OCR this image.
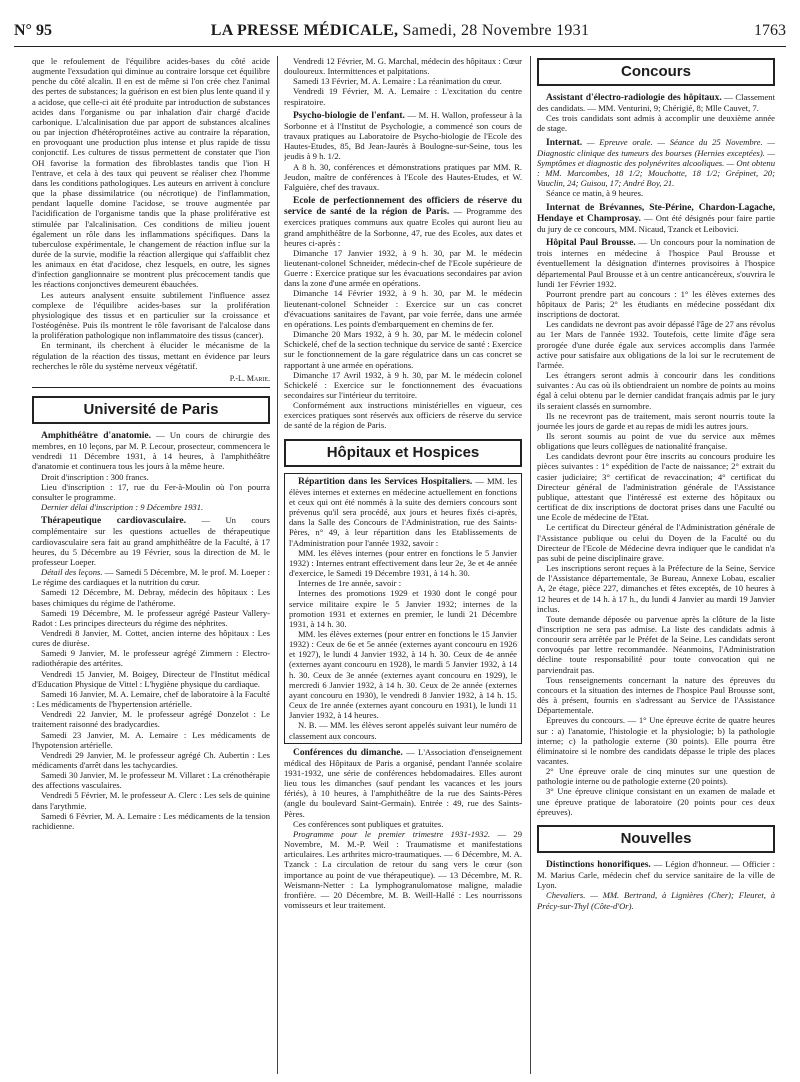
N° 95	LA PRESSE MÉDICALE, Samedi, 28 Novembre 1931	1763

que le refoulement de l'équilibre acides-bases du côté acide augmente l'exsudation qui diminue au contraire lorsque cet équilibre penche du côté alcalin. Il en est de même si l'on crée chez l'animal des pertes de substances; la guérison en est bien plus lente quand il y a acidose, que celle-ci ait été produite par introduction de substances acides dans l'organisme ou par inhalation d'air chargé d'acide carbonique. L'alcalinisation due par apport de substances alcalines ou par injection d'hétéroprotéines active au contraire la réparation, en provoquant une production plus intense et plus rapide de tissu conjonctif. Les cultures de tissus permettent de constater que l'ion OH favorise la formation des fibroblastes tandis que l'ion H l'entrave, et cela à des taux qui peuvent se réaliser chez l'homme dans les conditions pathologiques. Les auteurs en arrivent à conclure que la phase dissimilatrice (ou nécrotique) de l'inflammation, pendant laquelle domine l'acidose, se trouve augmentée par l'acidification de l'organisme tandis que la phase proliférative est stimulée par l'alcalinisation. Ces conditions de milieu jouent également un rôle dans les inflammations spécifiques. Dans la tuberculose expérimentale, le changement de réaction influe sur la durée de la survie, modifie la réaction allergique qui s'affaiblit chez les animaux en état d'acidose, chez lesquels, en outre, les signes d'infection ganglionnaire se montrent plus précocement tandis que les réactions conjonctives demeurent ébauchées.

Les auteurs analysent ensuite subtilement l'influence assez complexe de l'équilibre acides-bases sur la prolifération physiologique des tissus et en particulier sur la croissance et l'ostéogénèse. Puis ils montrent le rôle favorisant de l'alcalose dans la prolifération pathologique non inflammatoire des tissus (cancer).

En terminant, ils cherchent à élucider le mécanisme de la régulation de la réaction des tissus, mettant en évidence par leurs recherches le rôle du système nerveux végétatif.

P.-L. Marie.
Université de Paris

Amphithéâtre d'anatomie. — Un cours de chirurgie des membres, en 10 leçons, par M. P. Lecour, prosecteur, commencera le vendredi 11 Décembre 1931, à 14 heures, à l'amphithéâtre d'anatomie et continuera tous les jours à la même heure.

Droit d'inscription : 300 francs.

Lieu d'inscription : 17, rue du Fer-à-Moulin où l'on pourra consulter le programme.

Dernier délai d'inscription : 9 Décembre 1931.

Thérapeutique cardiovasculaire. — Un cours complémentaire sur les questions actuelles de thérapeutique cardiovasculaire sera fait au grand amphithéâtre de la Faculté, à 17 heures, du 5 Décembre au 19 Février, sous la direction de M. le professeur Loeper.

Détail des leçons. — Samedi 5 Décembre, M. le prof. M. Loeper : Le régime des cardiaques et la nutrition du cœur.

Samedi 12 Décembre, M. Debray, médecin des hôpitaux : Les bases chimiques du régime de l'athérome.

Samedi 19 Décembre, M. le professeur agrégé Pasteur Vallery-Radot : Les principes directeurs du régime des néphrites.

Vendredi 8 Janvier, M. Cottet, ancien interne des hôpitaux : Les cures de diurèse.

Samedi 9 Janvier, M. le professeur agrégé Zimmern : Electro-radiothérapie des artérites.

Vendredi 15 Janvier, M. Boigey, Directeur de l'Institut médical d'Education Physique de Vittel : L'hygiène physique du cardiaque.

Samedi 16 Janvier, M. A. Lemaire, chef de laboratoire à la Faculté : Les médicaments de l'hypertension artérielle.

Vendredi 22 Janvier, M. le professeur agrégé Donzelot : Le traitement raisonné des bradycardies.

Samedi 23 Janvier, M. A. Lemaire : Les médicaments de l'hypotension artérielle.

Vendredi 29 Janvier, M. le professeur agrégé Ch. Aubertin : Les médicaments d'arrêt dans les tachycardies.

Samedi 30 Janvier, M. le professeur M. Villaret : La crénothérapie des affections vasculaires.

Vendredi 5 Février, M. le professeur A. Clerc : Les sels de quinine dans l'arythmie.

Samedi 6 Février, M. A. Lemaire : Les médicaments de la tension rachidienne.

Vendredi 12 Février, M. G. Marchal, médecin des hôpitaux : Cœur douloureux. Intermittences et palpitations.

Samedi 13 Février, M. A. Lemaire : La réanimation du cœur.

Vendredi 19 Février, M. A. Lemaire : L'excitation du centre respiratoire.

Psycho-biologie de l'enfant. — M. H. Wallon, professeur à la Sorbonne et à l'Institut de Psychologie, a commencé son cours de travaux pratiques au Laboratoire de Psycho-biologie de l'Ecole des Hautes-Etudes, 85, Bd Jean-Jaurès à Boulogne-sur-Seine, tous les jeudis à 9 h. 1/2.

A 8 h. 30, conférences et démonstrations pratiques par MM. R. Jeudon, maître de conférences à l'Ecole des Hautes-Etudes, et W. Falguière, chef des travaux.

Ecole de perfectionnement des officiers de réserve du service de santé de la région de Paris. — Programme des exercices pratiques communs aux quatre Ecoles qui auront lieu au grand amphithéâtre de la Sorbonne, 47, rue des Ecoles, aux dates et heures ci-après :

Dimanche 17 Janvier 1932, à 9 h. 30, par M. le médecin lieutenant-colonel Schneider, médecin-chef de l'Ecole supérieure de Guerre : Exercice pratique sur les évacuations secondaires par avion dans la zone d'une armée en opérations.

Dimanche 14 Février 1932, à 9 h. 30, par M. le médecin lieutenant-colonel Schneider : Exercice sur un cas concret d'évacuations sanitaires de l'avant, par voie ferrée, dans une armée en opérations. Les points d'embarquement en chemins de fer.

Dimanche 20 Mars 1932, à 9 h. 30, par M. le médecin colonel Schickelé, chef de la section technique du service de santé : Exercice sur le fonctionnement de la gare régulatrice dans un cas concret se rapportant à une armée en opérations.

Dimanche 17 Avril 1932, à 9 h. 30, par M. le médecin colonel Schickelé : Exercice sur le fonctionnement des évacuations secondaires sur l'intérieur du territoire.

Conformément aux instructions ministérielles en vigueur, ces exercices pratiques sont réservés aux officiers de réserve du service de santé de la région de Paris.

Hôpitaux et Hospices

Répartition dans les Services Hospitaliers. — MM. les élèves internes et externes en médecine actuellement en fonctions et ceux qui ont été nommés à la suite des derniers concours sont prévenus qu'il sera procédé, aux jours et heures fixés ci-après, dans la Salle des Concours de l'Administration, rue des Saints-Pères, n° 49, à leur répartition dans les Etablissements de l'Administration pour l'année 1932, savoir :

MM. les élèves internes (pour entrer en fonctions le 5 Janvier 1932) : Internes entrant effectivement dans leur 2e, 3e et 4e année d'exercice, le Samedi 19 Décembre 1931, à 14 h. 30.

Internes de 1re année, savoir :

Internes des promotions 1929 et 1930 dont le congé pour service militaire expire le 5 Janvier 1932; internes de la promotion 1931 et externes en premier, le lundi 21 Décembre 1931, à 14 h. 30.

MM. les élèves externes (pour entrer en fonctions le 15 Janvier 1932) : Ceux de 6e et 5e année (externes ayant concouru en 1926 et 1927), le lundi 4 Janvier 1932, à 14 h. 30. Ceux de 4e année (externes ayant concouru en 1928), le mardi 5 Janvier 1932, à 14 h. 30. Ceux de 3e année (externes ayant concouru en 1929), le mercredi 6 Janvier 1932, à 14 h. 30. Ceux de 2e année (externes ayant concouru en 1930), le vendredi 8 Janvier 1932, à 14 h. 15. Ceux de 1re année (externes ayant concouru en 1931), le lundi 11 Janvier 1932, à 14 heures.

N. B. — MM. les élèves seront appelés suivant leur numéro de classement aux concours.

Conférences du dimanche. — L'Association d'enseignement médical des Hôpitaux de Paris a organisé, pendant l'année scolaire 1931-1932, une série de conférences hebdomadaires. Elles auront lieu tous les dimanches (sauf pendant les vacances et les jours fériés), à 10 heures, à l'amphithéâtre de la rue des Saints-Pères (angle du boulevard Saint-Germain). Entrée : 49, rue des Saints-Pères.

Ces conférences sont publiques et gratuites.

Programme pour le premier trimestre 1931-1932. — 29 Novembre, M. M.-P. Weil : Traumatisme et manifestations articulaires. Les arthrites micro-traumatiques. — 6 Décembre, M. A. Tzanck : La circulation de retour du sang vers le cœur (son importance au point de vue thérapeutique). — 13 Décembre, M. R. Weismann-Netter : La lymphogranulomatose maligne, maladie fronfière. — 20 Décembre, M. B. Weill-Hallé : Les nourrissons vomisseurs et leur traitement.

Concours

Assistant d'électro-radiologie des hôpitaux. — Classement des candidats. — MM. Venturini, 9; Chérigié, 8; Mlle Cauvet, 7.

Ces trois candidats sont admis à accomplir une deuxième année de stage.

Internat. — Epreuve orale. — Séance du 25 Novembre. — Diagnostic clinique des tumeurs des bourses (Hernies exceptées). — Symptômes et diagnostic des polynévrites alcooliques. — Ont obtenu : MM. Marcombes, 18 1/2; Mouchotte, 18 1/2; Grépinet, 20; Vauclin, 24; Guisou, 17; André Boy, 21.

Séance ce matin, à 9 heures.

Internat de Brévannes, Ste-Périne, Chardon-Lagache, Hendaye et Champrosay. — Ont été désignés pour faire partie du jury de ce concours, MM. Nicaud, Tzanck et Leibovici.

Hôpital Paul Brousse. — Un concours pour la nomination de trois internes en médecine à l'hospice Paul Brousse et éventuellement la désignation d'internes provisoires à l'hospice départemental Paul Brousse et à un centre anticancéreux, s'ouvrira le lundi 1er Février 1932.

Pourront prendre part au concours : 1° les élèves externes des hôpitaux de Paris; 2° les étudiants en médecine possédant dix inscriptions de doctorat.

Les candidats ne devront pas avoir dépassé l'âge de 27 ans révolus au 1er Mars de l'année 1932. Toutefois, cette limite d'âge sera prorogée d'une durée égale aux services accomplis dans l'armée active pour satisfaire aux obligations de la loi sur le recrutement de l'armée.

Les étrangers seront admis à concourir dans les conditions suivantes : Au cas où ils obtiendraient un nombre de points au moins égal à celui obtenu par le dernier candidat français admis par le jury ils seraient classés en surnombre.

Ils ne recevront pas de traitement, mais seront nourris toute la journée les jours de garde et au repas de midi les autres jours.

Ils seront soumis au point de vue du service aux mêmes obligations que leurs collègues de nationalité française.

Les candidats devront pour être inscrits au concours produire les pièces suivantes : 1° expédition de l'acte de naissance; 2° extrait du casier judiciaire; 3° certificat de revaccination; 4° certificat du Directeur général de l'administration générale de l'Assistance publique, attestant que l'intéressé est externe des hôpitaux ou certificat de dix inscriptions de doctorat prises dans une Faculté ou une Ecole de médecine de l'Etat.

Le certificat du Directeur général de l'Administration générale de l'Assistance publique ou celui du Doyen de la Faculté ou du Directeur de l'Ecole de Médecine devra indiquer que le candidat n'a pas subi de peine disciplinaire grave.

Les inscriptions seront reçues à la Préfecture de la Seine, Service de l'Assistance départementale, 3e Bureau, Annexe Lobau, escalier A, 2e étage, pièce 227, dimanches et fêtes exceptés, de 10 heures à 12 heures et de 14 h. à 17 h., du lundi 4 Janvier au mardi 19 Janvier inclus.

Toute demande déposée ou parvenue après la clôture de la liste d'inscription ne sera pas admise. La liste des candidats admis à concourir sera arrêtée par le Préfet de la Seine. Les candidats seront convoqués par lettre recommandée. Néanmoins, l'Administration décline toute responsabilité pour toute convocation qui ne parviendrait pas.

Tous renseignements concernant la nature des épreuves du concours et la situation des internes de l'hospice Paul Brousse sont, dès à présent, fournis en s'adressant au Service de l'Assistance Départementale.

Epreuves du concours. — 1° Une épreuve écrite de quatre heures sur : a) l'anatomie, l'histologie et la physiologie; b) la pathologie interne; c) la pathologie externe (30 points). Elle pourra être éliminatoire si le nombre des candidats dépasse le triple des places vacantes.

2° Une épreuve orale de cinq minutes sur une question de pathologie interne ou de pathologie externe (20 points).

3° Une épreuve clinique consistant en un examen de malade et une épreuve pratique de laboratoire (20 points pour ces deux épreuves).

Nouvelles

Distinctions honorifiques. — Légion d'honneur. — Officier : M. Marius Carle, médecin chef du service sanitaire de la ville de Lyon.

Chevaliers. — MM. Bertrand, à Lignières (Cher); Fleuret, à Précy-sur-Thyl (Côte-d'Or).
